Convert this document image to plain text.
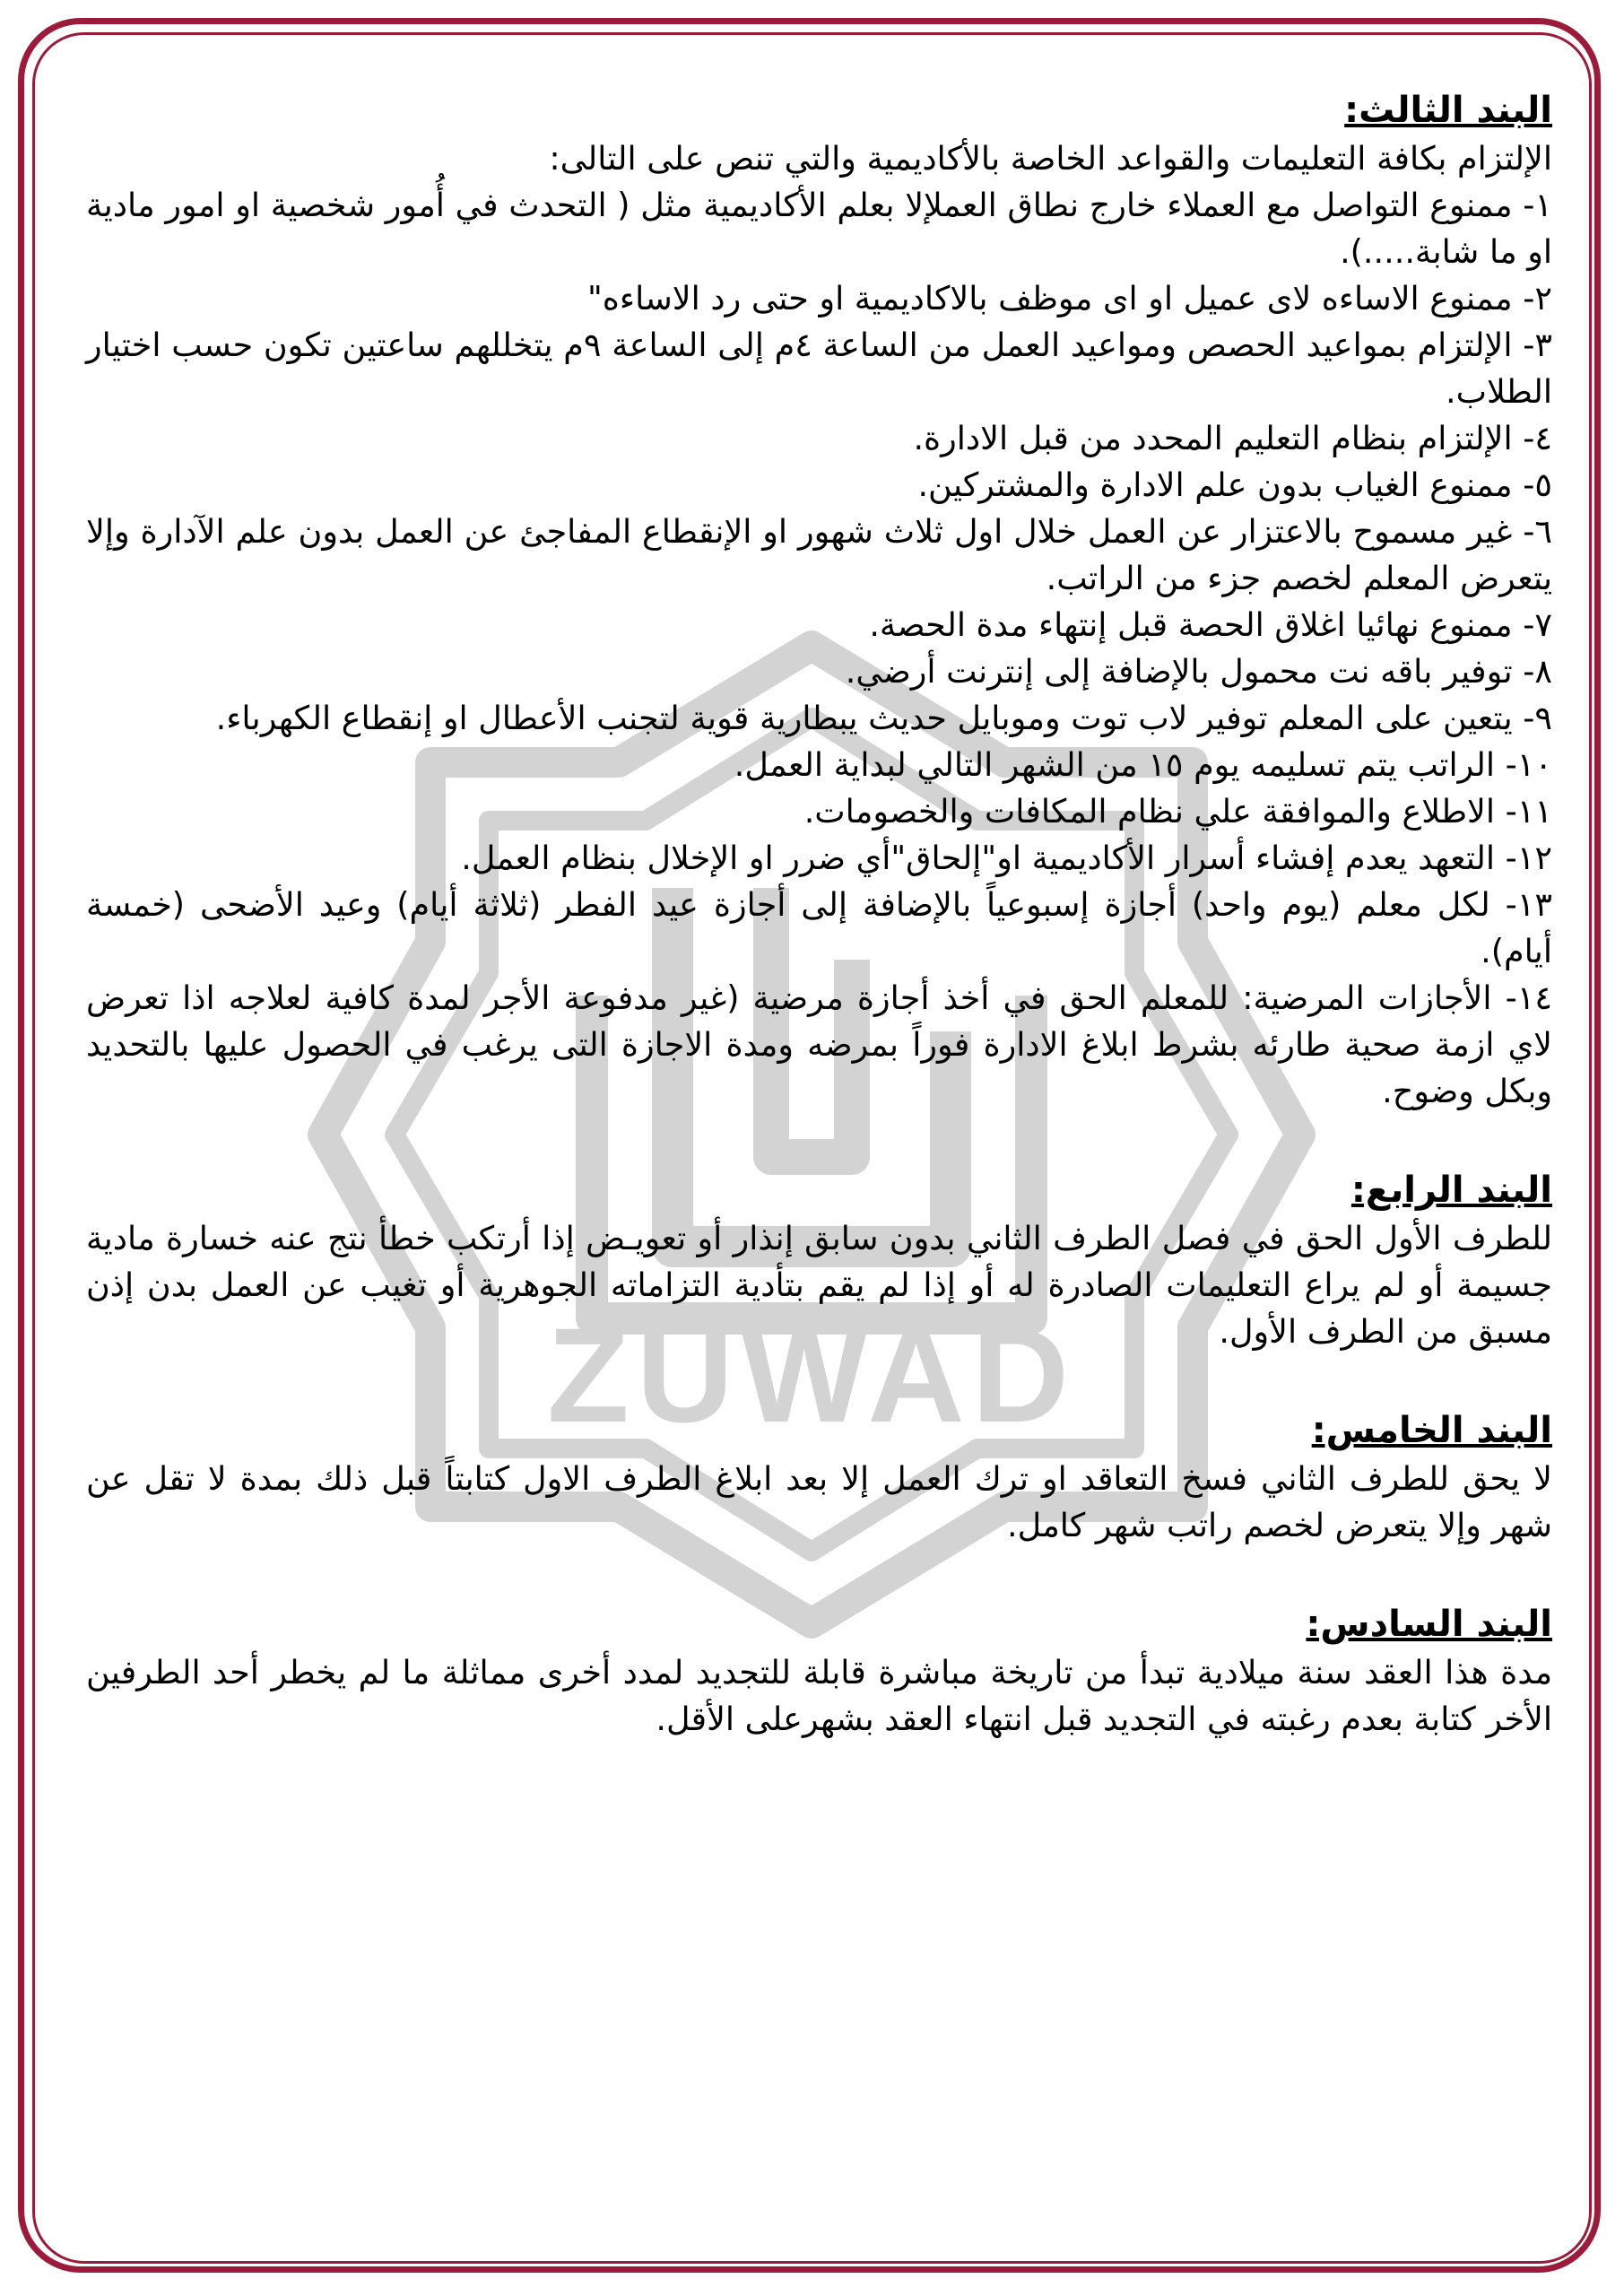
ZUWAD
البند الثالث:

الإلتزام بكافة التعليمات والقواعد الخاصة بالأكاديمية والتي تنص على التالى:

١- ممنوع التواصل مع العملاء خارج نطاق العملإلا بعلم الأكاديمية مثل ( التحدث في أُمور شخصية او امور مادية او ما شابة.....).

٢- ممنوع الاساءه لاى عميل او اى موظف بالاكاديمية او حتى رد الاساءه"

٣- الإلتزام بمواعيد الحصص ومواعيد العمل من الساعة ٤م إلى الساعة ٩م يتخللهم ساعتين تكون حسب اختيار الطلاب.

٤- الإلتزام بنظام التعليم المحدد من قبل الادارة.

٥- ممنوع الغياب بدون علم الادارة والمشتركين.

٦- غير مسموح بالاعتزار عن العمل خلال اول ثلاث شهور او الإنقطاع المفاجئ عن العمل بدون علم الآدارة وإلا يتعرض المعلم لخصم جزء من الراتب.

٧- ممنوع نهائيا اغلاق الحصة قبل إنتهاء مدة الحصة.

٨- توفير باقه نت محمول بالإضافة إلى إنترنت أرضي.

٩- يتعين على المعلم توفير لاب توت وموبايل حديث يبطارية قوية لتجنب الأعطال او إنقطاع الكهرباء.

١٠- الراتب يتم تسليمه يوم ١٥ من الشهر التالي لبداية العمل.

١١- الاطلاع والموافقة علي نظام المكافات والخصومات.

١٢- التعهد يعدم إفشاء أسرار الأكاديمية او"إلحاق"أي ضرر او الإخلال بنظام العمل.

١٣- لكل معلم (يوم واحد) أجازة إسبوعياً بالإضافة إلى أجازة عيد الفطر (ثلاثة أيام) وعيد الأضحى (خمسة أيام).

١٤- الأجازات المرضية: للمعلم الحق في أخذ أجازة مرضية (غير مدفوعة الأجر لمدة كافية لعلاجه اذا تعرض لاي ازمة صحية طارئه بشرط ابلاغ الادارة فوراً بمرضه ومدة الاجازة التى يرغب في الحصول عليها بالتحديد وبكل وضوح.

البند الرابع:

للطرف الأول الحق في فصل الطرف الثاني بدون سابق إنذار أو تعويـض إذا أرتكب خطأ نتج عنه خسارة مادية جسيمة أو لم يراع التعليمات الصادرة له أو إذا لم يقم بتأدية التزاماته الجوهرية أو تغيب عن العمل بدن إذن مسبق من الطرف الأول.

البند الخامس:

لا يحق للطرف الثاني فسخ التعاقد او ترك العمل إلا بعد ابلاغ الطرف الاول كتابتاً قبل ذلك بمدة لا تقل عن شهر وإلا يتعرض لخصم راتب شهر كامل.

البند السادس:

مدة هذا العقد سنة ميلادية تبدأ من تاريخة مباشرة قابلة للتجديد لمدد أخرى مماثلة ما لم يخطر أحد الطرفين الأخر كتابة بعدم رغبته في التجديد قبل انتهاء العقد بشهرعلى الأقل.
